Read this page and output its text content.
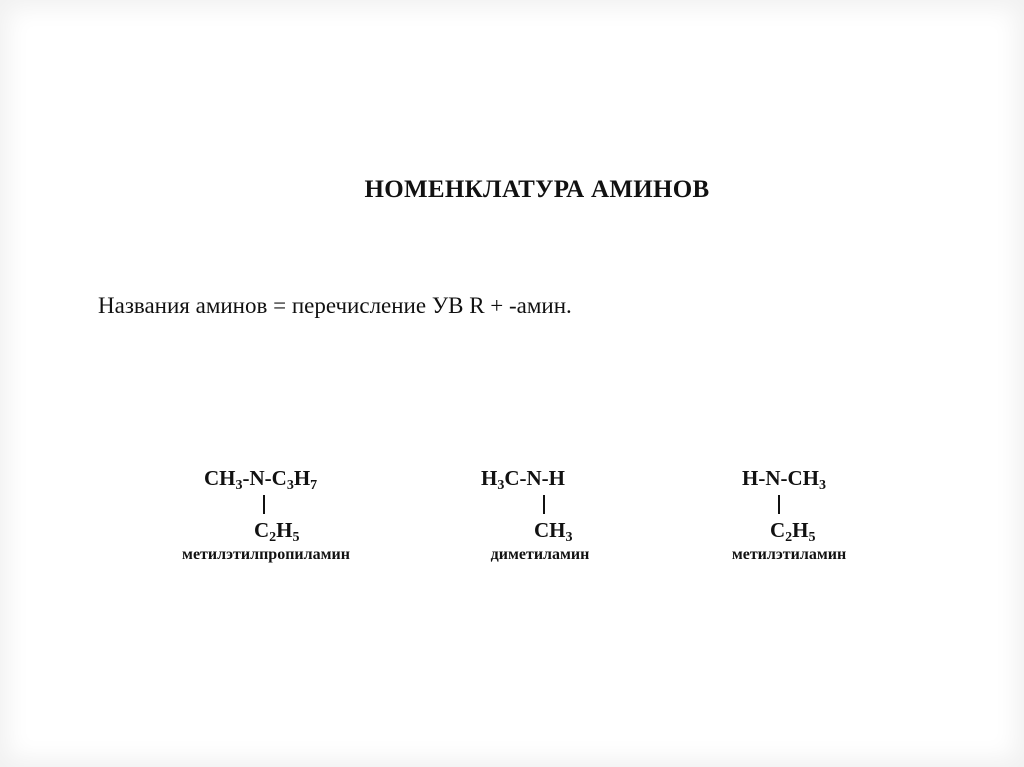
НОМЕНКЛАТУРА АМИНОВ
Названия аминов = перечисление УВ R + -амин.
$CH_3-N-C_3H_7$
$C_2H_5$
метилэтилпропиламин
$H_3C-N-H$
$CH_3$
диметиламин
$H-N-CH_3$
$C_2H_5$
метилэтиламин
